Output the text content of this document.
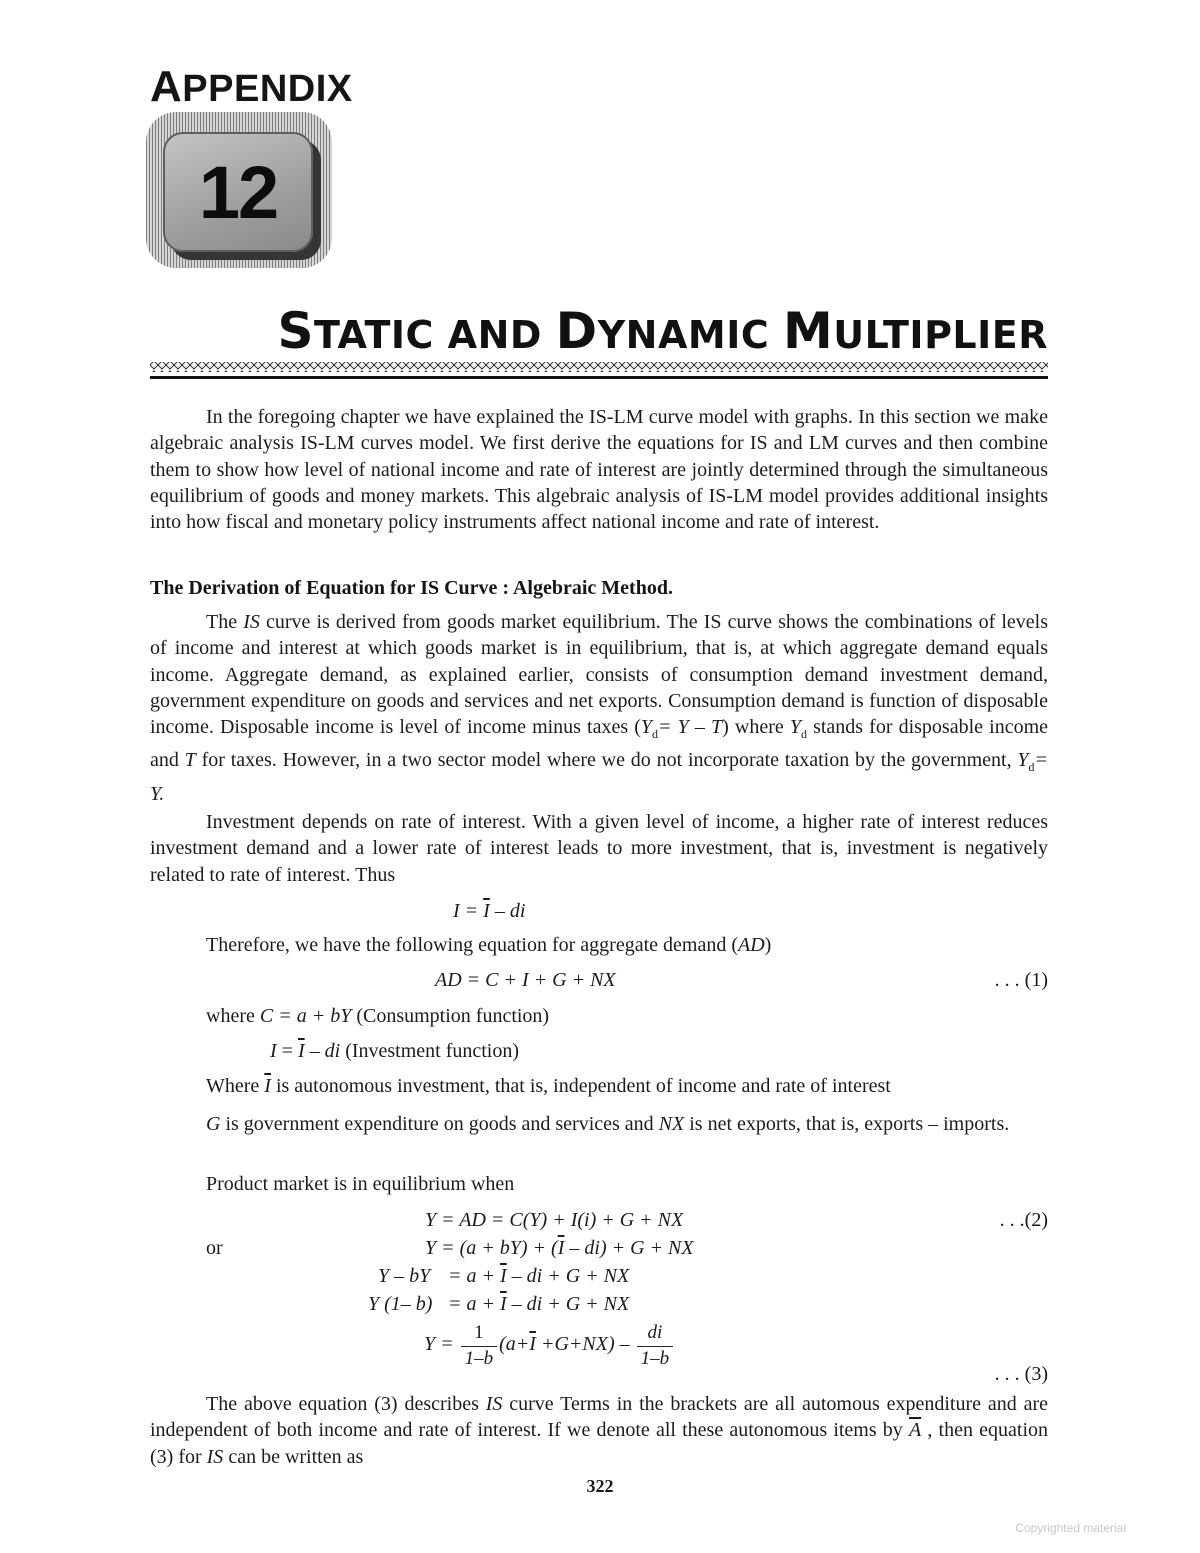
APPENDIX
12
STATIC AND DYNAMIC MULTIPLIER

In the foregoing chapter we have explained the IS-LM curve model with graphs. In this section we make algebraic analysis IS-LM curves model. We first derive the equations for IS and LM curves and then combine them to show how level of national income and rate of interest are jointly determined through the simultaneous equilibrium of goods and money markets. This algebraic analysis of IS-LM model provides additional insights into how fiscal and monetary policy instruments affect national income and rate of interest.

The Derivation of Equation for IS Curve : Algebraic Method.

The IS curve is derived from goods market equilibrium. The IS curve shows the combinations of levels of income and interest at which goods market is in equilibrium, that is, at which aggregate demand equals income. Aggregate demand, as explained earlier, consists of consumption demand investment demand, government expenditure on goods and services and net exports. Consumption demand is function of disposable income. Disposable income is level of income minus taxes $(Y_d= Y - T)$ where $Y_d$ stands for disposable income and T for taxes. However, in a two sector model where we do not incorporate taxation by the government, $Y_d= Y$.

Investment depends on rate of interest. With a given level of income, a higher rate of interest reduces investment demand and a lower rate of interest leads to more investment, that is, investment is negatively related to rate of interest. Thus

$I = \overline{I}$ – di
Therefore, we have the following equation for aggregate demand (AD)
AD = C + I + G + NX	. . . (1)
where C = a + bY (Consumption function)
$I = \overline{I}$ – di (Investment function)
Where $\overline{I}$ is autonomous investment, that is, independent of income and rate of interest

G is government expenditure on goods and services and NX is net exports, that is, exports – imports.

Product market is in equilibrium when
Y = AD = C(Y) + I(i) + G + NX	. . .(2)
or	$Y = (a + bY) + (\overline{I} - di) + G$ + NX
Y – bY = $a + \overline{I}$ – di + G + NX
Y (1– $b) = a + \overline{I}$ – di + G + NX
$Y = \frac{1}{1-b} (a+\overline{I} +G+NX) - \frac{di}{1-b}$
. . . (3)

The above equation (3) describes IS curve Terms in the brackets are all automous expenditure and are independent of both income and rate of interest. If we denote all these autonomous items by $\overline{A}$ , then equation (3) for IS can be written as

322
Copyrighted material
